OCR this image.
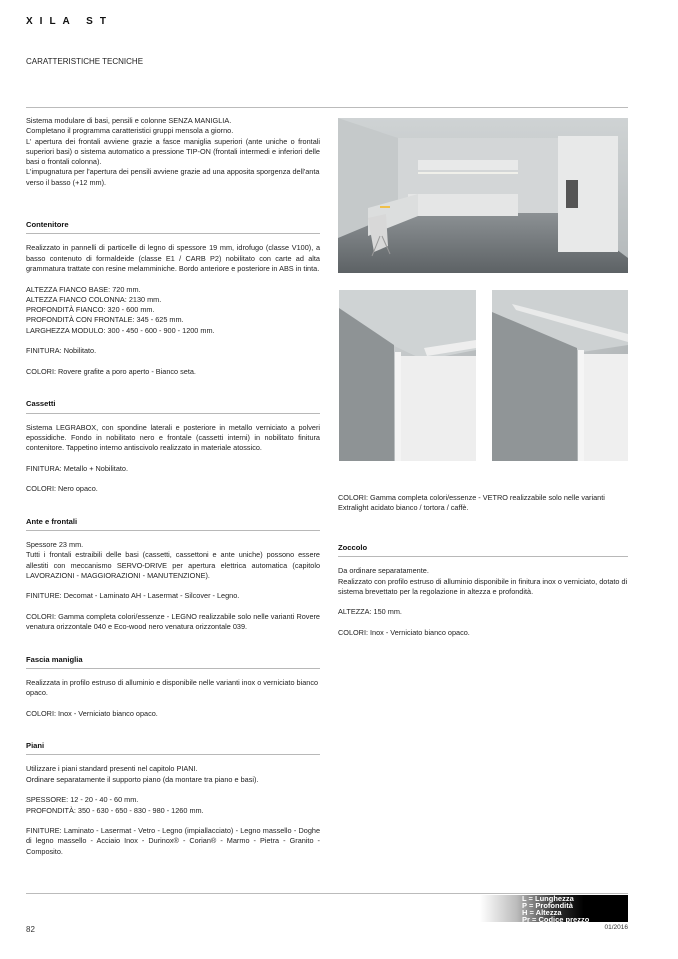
XILA ST
CARATTERISTICHE TECNICHE
Sistema modulare di basi, pensili e colonne SENZA MANIGLIA.
Completano il programma caratteristici gruppi mensola a giorno.
L' apertura dei frontali avviene grazie a fasce maniglia superiori (ante uniche o frontali superiori basi) o sistema automatico a pressione TIP-ON (frontali intermedi e inferiori delle basi o frontali colonna).
L'impugnatura per l'apertura dei pensili avviene grazie ad una apposita sporgenza dell'anta verso il basso (+12 mm).
Contenitore

Realizzato in pannelli di particelle di legno di spessore 19 mm, idrofugo (classe V100), a basso contenuto di formaldeide (classe E1 / CARB P2) nobilitato con carte ad alta grammatura trattate con resine melamminiche. Bordo anteriore e posteriore in ABS in tinta.

ALTEZZA FIANCO BASE: 720 mm.
ALTEZZA FIANCO COLONNA: 2130 mm.
PROFONDITÀ FIANCO: 320 - 600 mm.
PROFONDITÀ CON FRONTALE: 345 - 625 mm.
LARGHEZZA MODULO: 300 - 450 - 600 - 900 - 1200 mm.

FINITURA: Nobilitato.

COLORI: Rovere grafite a poro aperto - Bianco seta.

Cassetti

Sistema LEGRABOX, con spondine laterali e posteriore in metallo verniciato a polveri epossidiche. Fondo in nobilitato nero e frontale (cassetti interni) in nobilitato finitura contenitore. Tappetino interno antiscivolo realizzato in materiale atossico.

FINITURA: Metallo + Nobilitato.

COLORI: Nero opaco.

Ante e frontali
Spessore 23 mm.

Tutti i frontali estraibili delle basi (cassetti, cassettoni e ante uniche) possono essere allestiti con meccanismo SERVO-DRIVE per apertura elettrica automatica (capitolo LAVORAZIONI - MAGGIORAZIONI - MANUTENZIONE).

FINITURE: Decomat - Laminato AH - Lasermat - Silcover - Legno.

COLORI: Gamma completa colori/essenze - LEGNO realizzabile solo nelle varianti Rovere venatura orizzontale 040 e Eco-wood nero venatura orizzontale 039.

Fascia maniglia

Realizzata in profilo estruso di alluminio e disponibile nelle varianti inox o verniciato bianco opaco.

COLORI: Inox - Verniciato bianco opaco.

Piani

Utilizzare i piani standard presenti nel capitolo PIANI.
Ordinare separatamente il supporto piano (da montare tra piano e basi).

SPESSORE: 12 - 20 - 40 - 60 mm.
PROFONDITÀ: 350 - 630 - 650 - 830 - 980 - 1260 mm.

FINITURE: Laminato - Lasermat - Vetro - Legno (impiallacciato) - Legno massello - Doghe di legno massello - Acciaio Inox - Durinox® - Corian® - Marmo - Pietra - Granito - Composito.

COLORI: Gamma completa colori/essenze - VETRO realizzabile solo nelle varianti
Extralight acidato bianco / tortora / caffè.
Zoccolo

Da ordinare separatamente.
Realizzato con profilo estruso di alluminio disponibile in finitura inox o verniciato, dotato di sistema brevettato per la regolazione in altezza e profondità.

ALTEZZA: 150 mm.

COLORI: Inox - Verniciato bianco opaco.

L = Lunghezza
P = Profondità
H = Altezza
Pr = Codice prezzo
82	01/2016
